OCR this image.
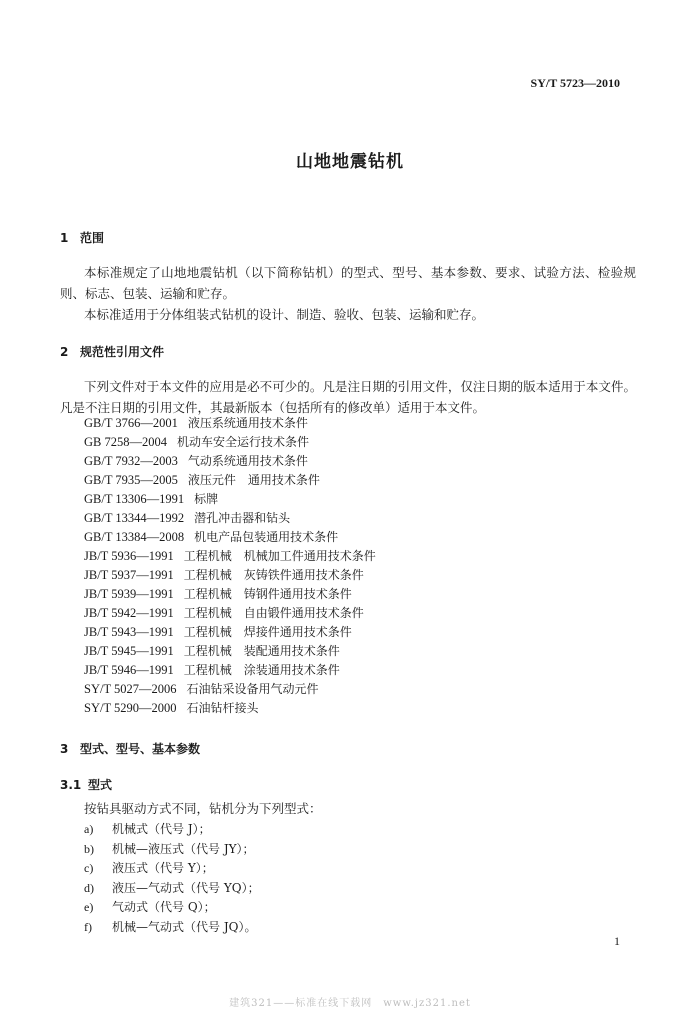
SY/T 5723—2010
山地地震钻机
1 范围
本标准规定了山地地震钻机（以下简称钻机）的型式、型号、基本参数、要求、试验方法、检验规则、标志、包装、运输和贮存。
本标准适用于分体组装式钻机的设计、制造、验收、包装、运输和贮存。
2 规范性引用文件
下列文件对于本文件的应用是必不可少的。凡是注日期的引用文件，仅注日期的版本适用于本文件。凡是不注日期的引用文件，其最新版本（包括所有的修改单）适用于本文件。
GB/T 3766—2001 液压系统通用技术条件
GB 7258—2004 机动车安全运行技术条件
GB/T 7932—2003 气动系统通用技术条件
GB/T 7935—2005 液压元件　通用技术条件
GB/T 13306—1991 标牌
GB/T 13344—1992 潜孔冲击器和钻头
GB/T 13384—2008 机电产品包装通用技术条件
JB/T 5936—1991 工程机械　机械加工件通用技术条件
JB/T 5937—1991 工程机械　灰铸铁件通用技术条件
JB/T 5939—1991 工程机械　铸钢件通用技术条件
JB/T 5942—1991 工程机械　自由锻件通用技术条件
JB/T 5943—1991 工程机械　焊接件通用技术条件
JB/T 5945—1991 工程机械　装配通用技术条件
JB/T 5946—1991 工程机械　涂装通用技术条件
SY/T 5027—2006 石油钻采设备用气动元件
SY/T 5290—2000 石油钻杆接头
3 型式、型号、基本参数
3.1 型式
按钻具驱动方式不同，钻机分为下列型式：
a) 机械式（代号 J）；
b) 机械—液压式（代号 JY）；
c) 液压式（代号 Y）；
d) 液压—气动式（代号 YQ）；
e) 气动式（代号 Q）；
f) 机械—气动式（代号 JQ）。
1
建筑321——标准在线下载网　www.jz321.net
